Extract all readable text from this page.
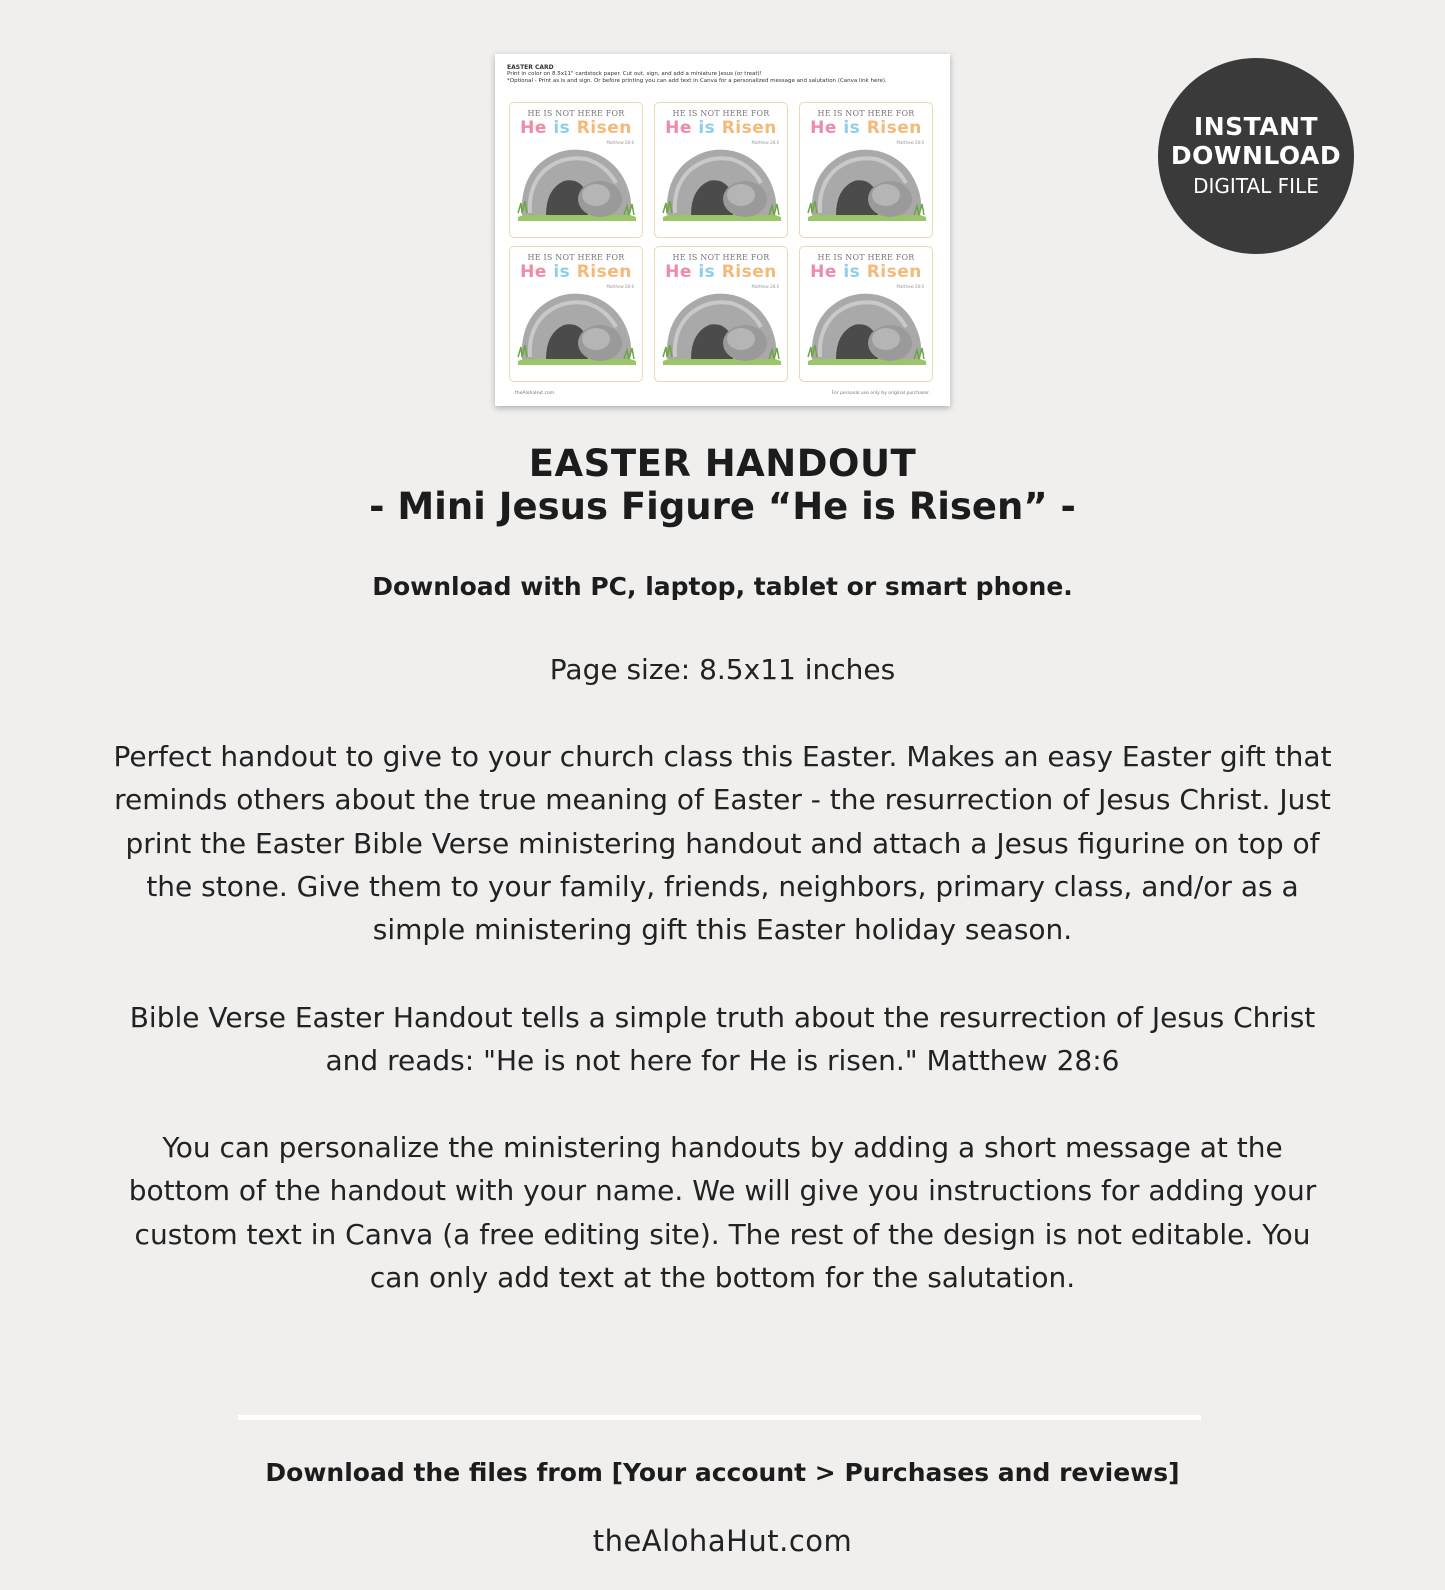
EASTER CARD
Print in color on 8.5x11" cardstock paper. Cut out, sign, and add a miniature Jesus (or treat)!
*Optional - Print as is and sign. Or before printing you can add text in Canva for a personalized message and salutation (Canva link here).
HE IS NOT HERE FOR
He is Risen
Matthew 28:6
HE IS NOT HERE FOR
He is Risen
Matthew 28:6
HE IS NOT HERE FOR
He is Risen
Matthew 28:6
HE IS NOT HERE FOR
He is Risen
Matthew 28:6
HE IS NOT HERE FOR
He is Risen
Matthew 28:6
HE IS NOT HERE FOR
He is Risen
Matthew 28:6
theAlohaHut.com	For personal use only by original purchaser.
INSTANT
DOWNLOAD
DIGITAL FILE
EASTER HANDOUT
- Mini Jesus Figure “He is Risen” -
Download with PC, laptop, tablet or smart phone.
Page size: 8.5x11 inches
Perfect handout to give to your church class this Easter. Makes an easy Easter gift that reminds others about the true meaning of Easter - the resurrection of Jesus Christ. Just print the Easter Bible Verse ministering handout and attach a Jesus figurine on top of the stone. Give them to your family, friends, neighbors, primary class, and/or as a simple ministering gift this Easter holiday season.
Bible Verse Easter Handout tells a simple truth about the resurrection of Jesus Christ and reads: "He is not here for He is risen." Matthew 28:6
You can personalize the ministering handouts by adding a short message at the bottom of the handout with your name. We will give you instructions for adding your custom text in Canva (a free editing site). The rest of the design is not editable. You can only add text at the bottom for the salutation.
Download the files from [Your account > Purchases and reviews]
theAlohaHut.com
